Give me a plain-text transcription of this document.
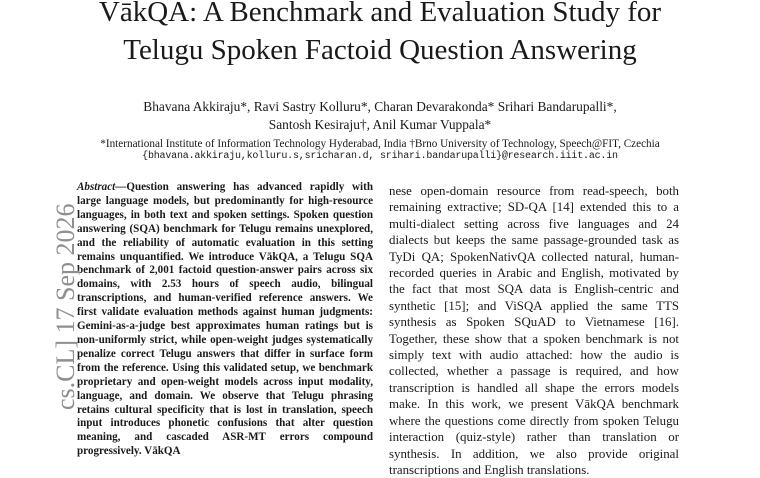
VākQA: A Benchmark and Evaluation Study for
Telugu Spoken Factoid Question Answering
Bhavana Akkiraju*, Ravi Sastry Kolluru*, Charan Devarakonda* Srihari Bandarupalli*,
Santosh Kesiraju†, Anil Kumar Vuppala*
*International Institute of Information Technology Hyderabad, India †Brno University of Technology, Speech@FIT, Czechia
{bhavana.akkiraju,kolluru.s,sricharan.d, srihari.bandarupalli}@research.iiit.ac.in

Abstract—Question answering has advanced rapidly with large language models, but predominantly for high-resource languages, in both text and spoken settings. Spoken question answering (SQA) benchmark for Telugu remains unexplored, and the reliability of automatic evaluation in this setting remains unquantified. We introduce VākQA, a Telugu SQA benchmark of 2,001 factoid question-answer pairs across six domains, with 2.53 hours of speech audio, bilingual transcriptions, and human-verified reference answers. We first validate evaluation methods against human judgments: Gemini-as-a-judge best approximates human ratings but is non-uniformly strict, while open-weight judges systematically penalize correct Telugu answers that differ in surface form from the reference. Using this validated setup, we benchmark proprietary and open-weight models across input modality, language, and domain. We observe that Telugu phrasing retains cultural specificity that is lost in translation, speech input introduces phonetic confusions that alter question meaning, and cascaded ASR-MT errors compound progressively. VākQA

nese open-domain resource from read-speech, both remaining extractive; SD-QA [14] extended this to a multi-dialect setting across five languages and 24 dialects but keeps the same passage-grounded task as TyDi QA; SpokenNativQA collected natural, human-recorded queries in Arabic and English, motivated by the fact that most SQA data is English-centric and synthetic [15]; and ViSQA applied the same TTS synthesis as Spoken SQuAD to Vietnamese [16]. Together, these show that a spoken benchmark is not simply text with audio attached: how the audio is collected, whether a passage is required, and how transcription is handled all shape the errors models make. In this work, we present VākQA benchmark where the questions come directly from spoken Telugu interaction (quiz-style) rather than translation or synthesis. In addition, we also provide original transcriptions and English translations.

cs.CL] 17 Sep 2026
